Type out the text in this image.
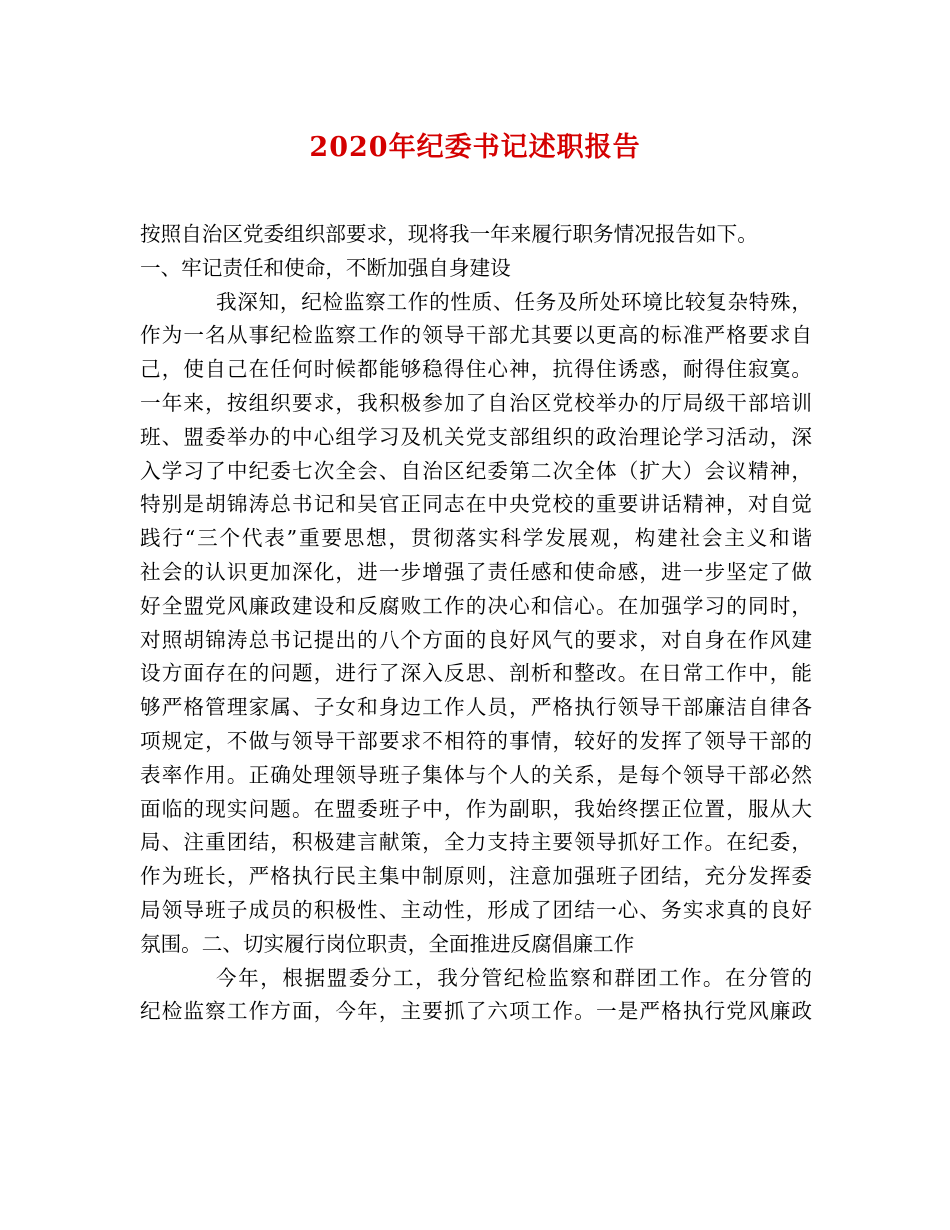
2020年纪委书记述职报告
按照自治区党委组织部要求，现将我一年来履行职务情况报告如下。
一、牢记责任和使命，不断加强自身建设
我深知，纪检监察工作的性质、任务及所处环境比较复杂特殊，
作为一名从事纪检监察工作的领导干部尤其要以更高的标准严格要求自
己，使自己在任何时候都能够稳得住心神，抗得住诱惑，耐得住寂寞。
一年来，按组织要求，我积极参加了自治区党校举办的厅局级干部培训
班、盟委举办的中心组学习及机关党支部组织的政治理论学习活动，深
入学习了中纪委七次全会、自治区纪委第二次全体（扩大）会议精神，
特别是胡锦涛总书记和吴官正同志在中央党校的重要讲话精神，对自觉
践行“三个代表”重要思想，贯彻落实科学发展观，构建社会主义和谐
社会的认识更加深化，进一步增强了责任感和使命感，进一步坚定了做
好全盟党风廉政建设和反腐败工作的决心和信心。在加强学习的同时，
对照胡锦涛总书记提出的八个方面的良好风气的要求，对自身在作风建
设方面存在的问题，进行了深入反思、剖析和整改。在日常工作中，能
够严格管理家属、子女和身边工作人员，严格执行领导干部廉洁自律各
项规定，不做与领导干部要求不相符的事情，较好的发挥了领导干部的
表率作用。正确处理领导班子集体与个人的关系，是每个领导干部必然
面临的现实问题。在盟委班子中，作为副职，我始终摆正位置，服从大
局、注重团结，积极建言献策，全力支持主要领导抓好工作。在纪委，
作为班长，严格执行民主集中制原则，注意加强班子团结，充分发挥委
局领导班子成员的积极性、主动性，形成了团结一心、务实求真的良好
氛围。二、切实履行岗位职责，全面推进反腐倡廉工作
今年，根据盟委分工，我分管纪检监察和群团工作。在分管的
纪检监察工作方面，今年，主要抓了六项工作。一是严格执行党风廉政
